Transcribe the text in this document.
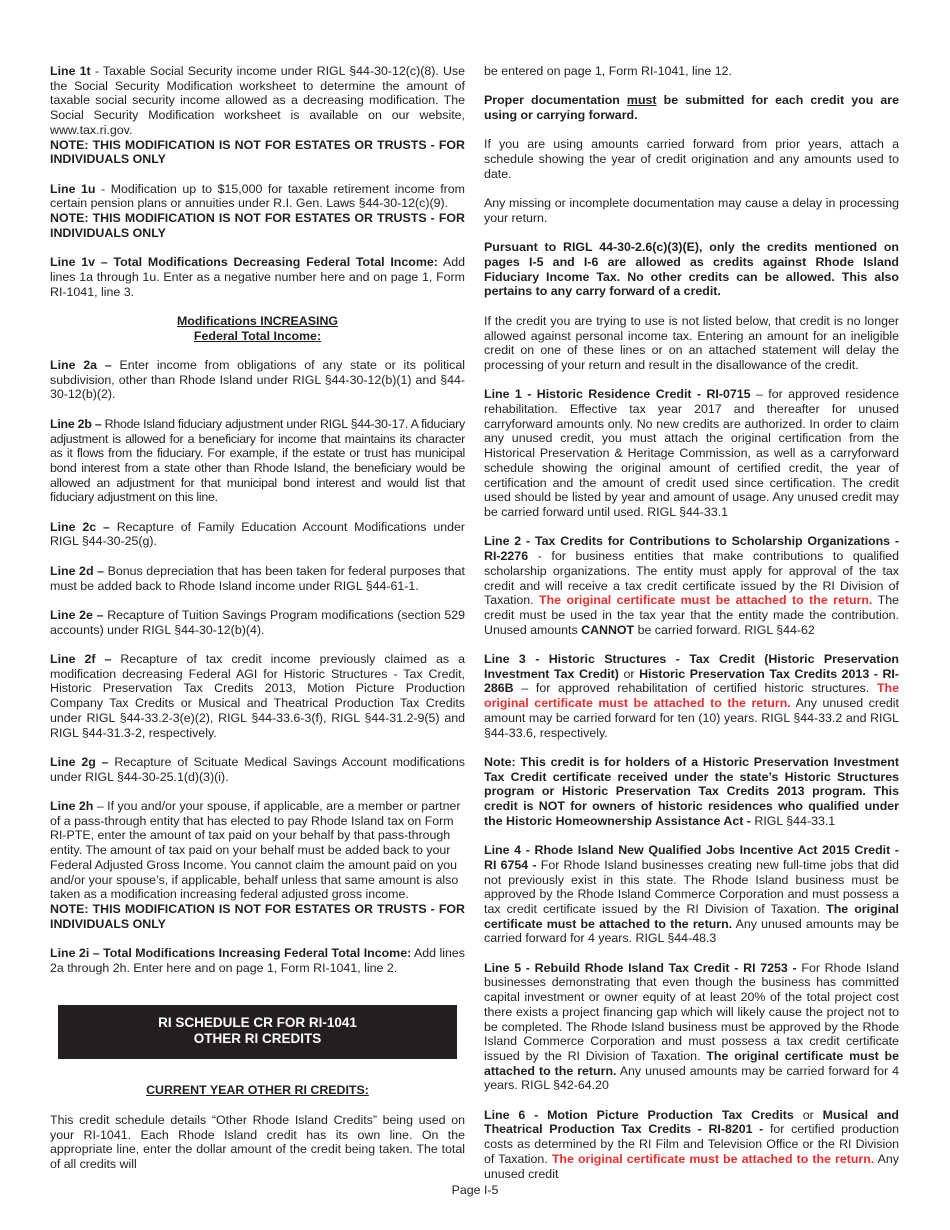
Line 1t - Taxable Social Security income under RIGL §44-30-12(c)(8). Use the Social Security Modification worksheet to determine the amount of taxable social security income allowed as a decreasing modification. The Social Security Modification worksheet is available on our website, www.tax.ri.gov.
NOTE: THIS MODIFICATION IS NOT FOR ESTATES OR TRUSTS - FOR INDIVIDUALS ONLY

Line 1u - Modification up to $15,000 for taxable retirement income from certain pension plans or annuities under R.I. Gen. Laws §44-30-12(c)(9).
NOTE: THIS MODIFICATION IS NOT FOR ESTATES OR TRUSTS - FOR INDIVIDUALS ONLY

Line 1v – Total Modifications Decreasing Federal Total Income: Add lines 1a through 1u. Enter as a negative number here and on page 1, Form RI-1041, line 3.

Modifications INCREASING
Federal Total Income:

Line 2a – Enter income from obligations of any state or its political subdivision, other than Rhode Island under RIGL §44-30-12(b)(1) and §44-30-12(b)(2).

Line 2b – Rhode Island fiduciary adjustment under RIGL §44-30-17. A fiduciary adjustment is allowed for a beneficiary for income that maintains its character as it flows from the fiduciary. For example, if the estate or trust has municipal bond interest from a state other than Rhode Island, the beneficiary would be allowed an adjustment for that municipal bond interest and would list that fiduciary adjustment on this line.

Line 2c – Recapture of Family Education Account Modifications under RIGL §44-30-25(g).

Line 2d – Bonus depreciation that has been taken for federal purposes that must be added back to Rhode Island income under RIGL §44-61-1.

Line 2e – Recapture of Tuition Savings Program modifications (section 529 accounts) under RIGL §44-30-12(b)(4).

Line 2f – Recapture of tax credit income previously claimed as a modification decreasing Federal AGI for Historic Structures - Tax Credit, Historic Preservation Tax Credits 2013, Motion Picture Production Company Tax Credits or Musical and Theatrical Production Tax Credits under RIGL §44-33.2-3(e)(2), RIGL §44-33.6-3(f), RIGL §44-31.2-9(5) and RIGL §44-31.3-2, respectively.

Line 2g – Recapture of Scituate Medical Savings Account modifications under RIGL §44-30-25.1(d)(3)(i).

Line 2h – If you and/or your spouse, if applicable, are a member or partner of a pass-through entity that has elected to pay Rhode Island tax on Form RI-PTE, enter the amount of tax paid on your behalf by that pass-through entity. The amount of tax paid on your behalf must be added back to your Federal Adjusted Gross Income. You cannot claim the amount paid on you and/or your spouse’s, if applicable, behalf unless that same amount is also taken as a modification increasing federal adjusted gross income.

NOTE: THIS MODIFICATION IS NOT FOR ESTATES OR TRUSTS - FOR INDIVIDUALS ONLY

Line 2i – Total Modifications Increasing Federal Total Income: Add lines 2a through 2h. Enter here and on page 1, Form RI-1041, line 2.

RI SCHEDULE CR FOR RI-1041
OTHER RI CREDITS

CURRENT YEAR OTHER RI CREDITS:

This credit schedule details “Other Rhode Island Credits” being used on your RI-1041. Each Rhode Island credit has its own line. On the appropriate line, enter the dollar amount of the credit being taken. The total of all credits will

be entered on page 1, Form RI-1041, line 12.

Proper documentation must be submitted for each credit you are using or carrying forward.

If you are using amounts carried forward from prior years, attach a schedule showing the year of credit origination and any amounts used to date.

Any missing or incomplete documentation may cause a delay in processing your return.

Pursuant to RIGL 44-30-2.6(c)(3)(E), only the credits mentioned on pages I-5 and I-6 are allowed as credits against Rhode Island Fiduciary Income Tax. No other credits can be allowed. This also pertains to any carry forward of a credit.

If the credit you are trying to use is not listed below, that credit is no longer allowed against personal income tax. Entering an amount for an ineligible credit on one of these lines or on an attached statement will delay the processing of your return and result in the disallowance of the credit.

Line 1 - Historic Residence Credit - RI-0715 – for approved residence rehabilitation. Effective tax year 2017 and thereafter for unused carryforward amounts only. No new credits are authorized. In order to claim any unused credit, you must attach the original certification from the Historical Preservation & Heritage Commission, as well as a carryforward schedule showing the original amount of certified credit, the year of certification and the amount of credit used since certification. The credit used should be listed by year and amount of usage. Any unused credit may be carried forward until used. RIGL §44-33.1

Line 2 - Tax Credits for Contributions to Scholarship Organizations - RI-2276 - for business entities that make contributions to qualified scholarship organizations. The entity must apply for approval of the tax credit and will receive a tax credit certificate issued by the RI Division of Taxation. The original certificate must be attached to the return. The credit must be used in the tax year that the entity made the contribution. Unused amounts CANNOT be carried forward. RIGL §44-62

Line 3 - Historic Structures - Tax Credit (Historic Preservation Investment Tax Credit) or Historic Preservation Tax Credits 2013 - RI-286B – for approved rehabilitation of certified historic structures. The original certificate must be attached to the return. Any unused credit amount may be carried forward for ten (10) years. RIGL §44-33.2 and RIGL §44-33.6, respectively.

Note: This credit is for holders of a Historic Preservation Investment Tax Credit certificate received under the state’s Historic Structures program or Historic Preservation Tax Credits 2013 program. This credit is NOT for owners of historic residences who qualified under the Historic Homeownership Assistance Act - RIGL §44-33.1

Line 4 - Rhode Island New Qualified Jobs Incentive Act 2015 Credit - RI 6754 - For Rhode Island businesses creating new full-time jobs that did not previously exist in this state. The Rhode Island business must be approved by the Rhode Island Commerce Corporation and must possess a tax credit certificate issued by the RI Division of Taxation. The original certificate must be attached to the return. Any unused amounts may be carried forward for 4 years. RIGL §44-48.3

Line 5 - Rebuild Rhode Island Tax Credit - RI 7253 - For Rhode Island businesses demonstrating that even though the business has committed capital investment or owner equity of at least 20% of the total project cost there exists a project financing gap which will likely cause the project not to be completed. The Rhode Island business must be approved by the Rhode Island Commerce Corporation and must possess a tax credit certificate issued by the RI Division of Taxation. The original certificate must be attached to the return. Any unused amounts may be carried forward for 4 years. RIGL §42-64.20

Line 6 - Motion Picture Production Tax Credits or Musical and Theatrical Production Tax Credits - RI-8201 - for certified production costs as determined by the RI Film and Television Office or the RI Division of Taxation. The original certificate must be attached to the return. Any unused credit

Page I-5
